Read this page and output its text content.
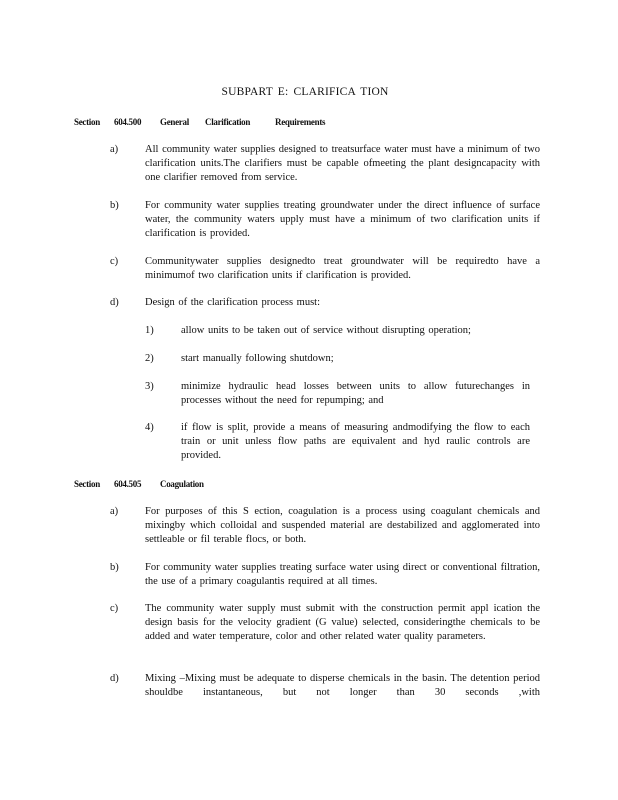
SUBPART E: CLARIFICA TION
Section 604.500 General Clarification	Requirements
a)	All community water supplies designed to treatsurface water must have a minimum of two clarification units.The clarifiers must be capable ofmeeting the plant designcapacity with one clarifier removed from service.
b)	For community water supplies treating groundwater under the direct influence of surface water, the community waters upply must have a minimum of two clarification units if clarification is provided.
c)	Communitywater supplies designedto treat groundwater will be requiredto have a minimumof two clarification units if clarification is provided.
d)	Design of the clarification process must:
1)	allow units to be taken out of service without disrupting operation;
2)	start manually following shutdown;
3)	minimize hydraulic head losses between units to allow futurechanges in processes without the need for repumping; and
4)	if flow is split, provide a means of measuring andmodifying the flow to each train or unit unless flow paths are equivalent and hyd raulic controls are provided.
Section 604.505 Coagulation
a)	For purposes of this S ection, coagulation is a process using coagulant chemicals and mixingby which colloidal and suspended material are destabilized and agglomerated into settleable or fil terable flocs, or both.
b)	For community water supplies treating surface water using direct or conventional filtration, the use of a primary coagulantis required at all times.
c)	The community water supply must submit with the construction permit appl ication the design basis for the velocity gradient (G value) selected, consideringthe chemicals to be added and water temperature, color and other related water quality parameters.
d)	Mixing –Mixing must be adequate to disperse chemicals in the basin. The detention period shouldbe instantaneous, but not longer than 30 seconds ,with
